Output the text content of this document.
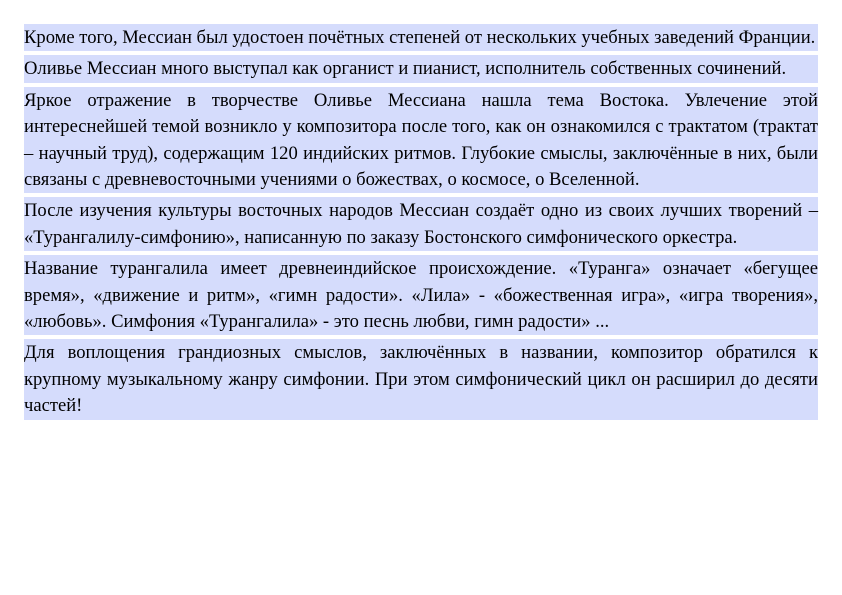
Кроме того, Мессиан был удостоен почётных степеней от нескольких учебных заведений Франции.

Оливье Мессиан много выступал как органист и пианист, исполнитель собственных сочинений.

Яркое отражение в творчестве Оливье Мессиана нашла тема Востока. Увлечение этой интереснейшей темой возникло у композитора после того, как он ознакомился с трактатом (трактат – научный труд), содержащим 120 индийских ритмов. Глубокие смыслы, заключённые в них, были связаны с древневосточными учениями о божествах, о космосе, о Вселенной.

После изучения культуры восточных народов Мессиан создаёт одно из своих лучших творений – «Турангалилу-симфонию», написанную по заказу Бостонского симфонического оркестра.

Название турангалила имеет древнеиндийское происхождение. «Туранга» означает «бегущее время», «движение и ритм», «гимн радости». «Лила» - «божественная игра», «игра творения», «любовь». Симфония «Турангалила» - это песнь любви, гимн радости» ...

Для воплощения грандиозных смыслов, заключённых в названии, композитор обратился к крупному музыкальному жанру симфонии. При этом симфонический цикл он расширил до десяти частей!
